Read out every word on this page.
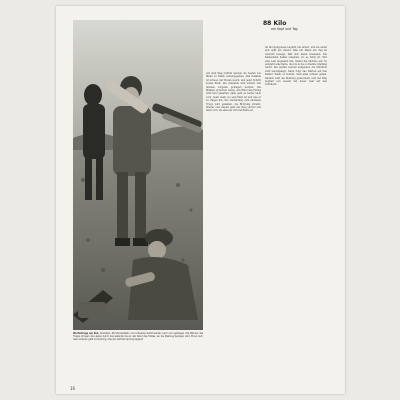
Werfertrupp am Ziel. Granaten, Munitionskästen und schweres Gerät werden nach vorn getragen. Die Männer des Trupps bringen die Lasten durch das Gelände bis an den Rand des Feldes, wo die Stellung bezogen wird. Einer nach dem anderen geht in Deckung, ehe der nächste Sprung beginnt.
88 Kilo
am Kopf und Tag
Auf dem Weg dorthin werden die Lasten von Mann zu Mann weitergegeben. Das Gelände ist schwer, der Boden weich, und jeder Schritt kostet Kraft. Die Granaten sind schwer und müssen sorgsam getragen werden. Die Männer sprechen wenig. Am Rand des Feldes wird kurz gehalten, dann geht es weiter nach vorn. Jeder weiß, wo sein Platz ist und was er zu tragen hat. Die Verbindung zum nächsten Trupp wird gehalten, die Richtung stimmt. Wieder und wieder geht der Weg zurück und nach vorn, bis alles an Ort und Stelle ist.
Im Morgengrauen beginnt die Arbeit, und sie endet erst spät am Abend. Was ein Mann am Tag an Gewicht bewegt, läßt sich kaum ermessen. Die Kameraden helfen einander, wo es nötig ist. Wer eine Last abgesetzt hat, nimmt die nächste auf. So entsteht eine Kette, die bis in die vorderste Stellung reicht. Die Geräte werden aufgebaut, die Munition wird bereitgelegt. Dann folgt das Warten auf den Befehl. Wenn er kommt, muß alles schnell gehen. Danach wird die Stellung gewechselt, und der Weg beginnt von neuem mit neuer Last auf den Schultern.
16
